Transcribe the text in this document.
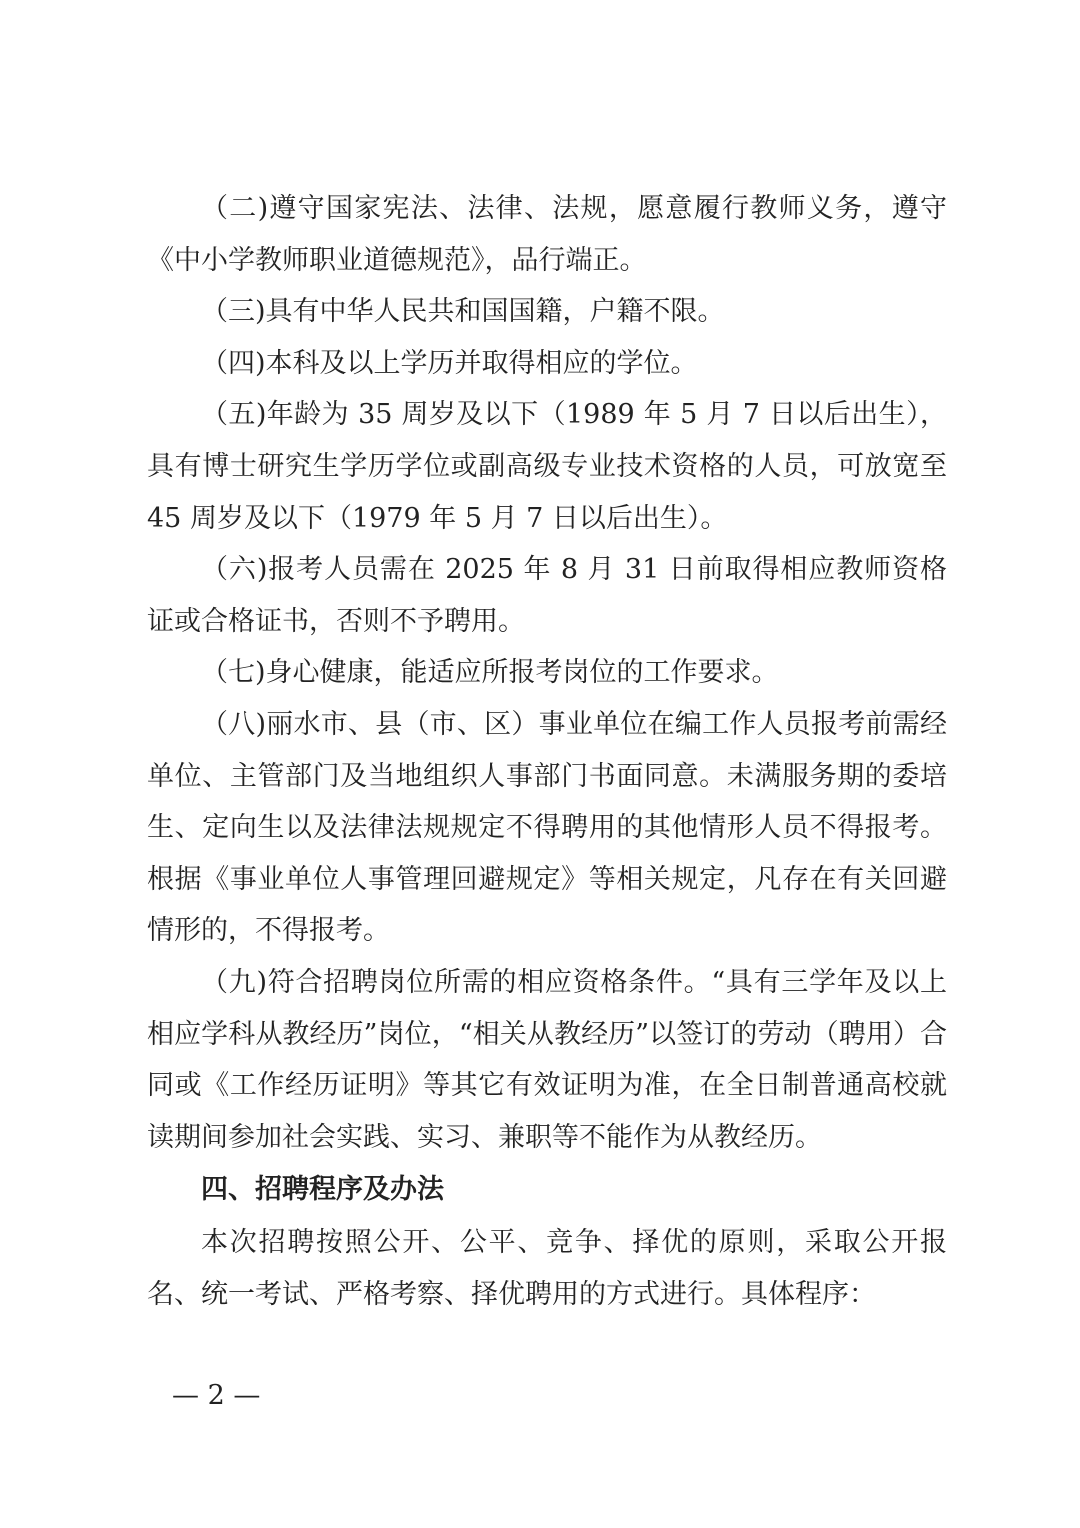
（二)遵守国家宪法、法律、法规，愿意履行教师义务，遵守《中小学教师职业道德规范》，品行端正。

（三)具有中华人民共和国国籍，户籍不限。

（四)本科及以上学历并取得相应的学位。

（五)年龄为 35 周岁及以下（1989 年 5 月 7 日以后出生），具有博士研究生学历学位或副高级专业技术资格的人员，可放宽至 45 周岁及以下（1979 年 5 月 7 日以后出生）。

（六)报考人员需在 2025 年 8 月 31 日前取得相应教师资格证或合格证书，否则不予聘用。

（七)身心健康，能适应所报考岗位的工作要求。

（八)丽水市、县（市、区）事业单位在编工作人员报考前需经单位、主管部门及当地组织人事部门书面同意。未满服务期的委培生、定向生以及法律法规规定不得聘用的其他情形人员不得报考。根据《事业单位人事管理回避规定》等相关规定，凡存在有关回避情形的，不得报考。

（九)符合招聘岗位所需的相应资格条件。“具有三学年及以上相应学科从教经历”岗位，“相关从教经历”以签订的劳动（聘用）合同或《工作经历证明》等其它有效证明为准，在全日制普通高校就读期间参加社会实践、实习、兼职等不能作为从教经历。

四、招聘程序及办法

本次招聘按照公开、公平、竞争、择优的原则，采取公开报名、统一考试、严格考察、择优聘用的方式进行。具体程序：

— 2 —
